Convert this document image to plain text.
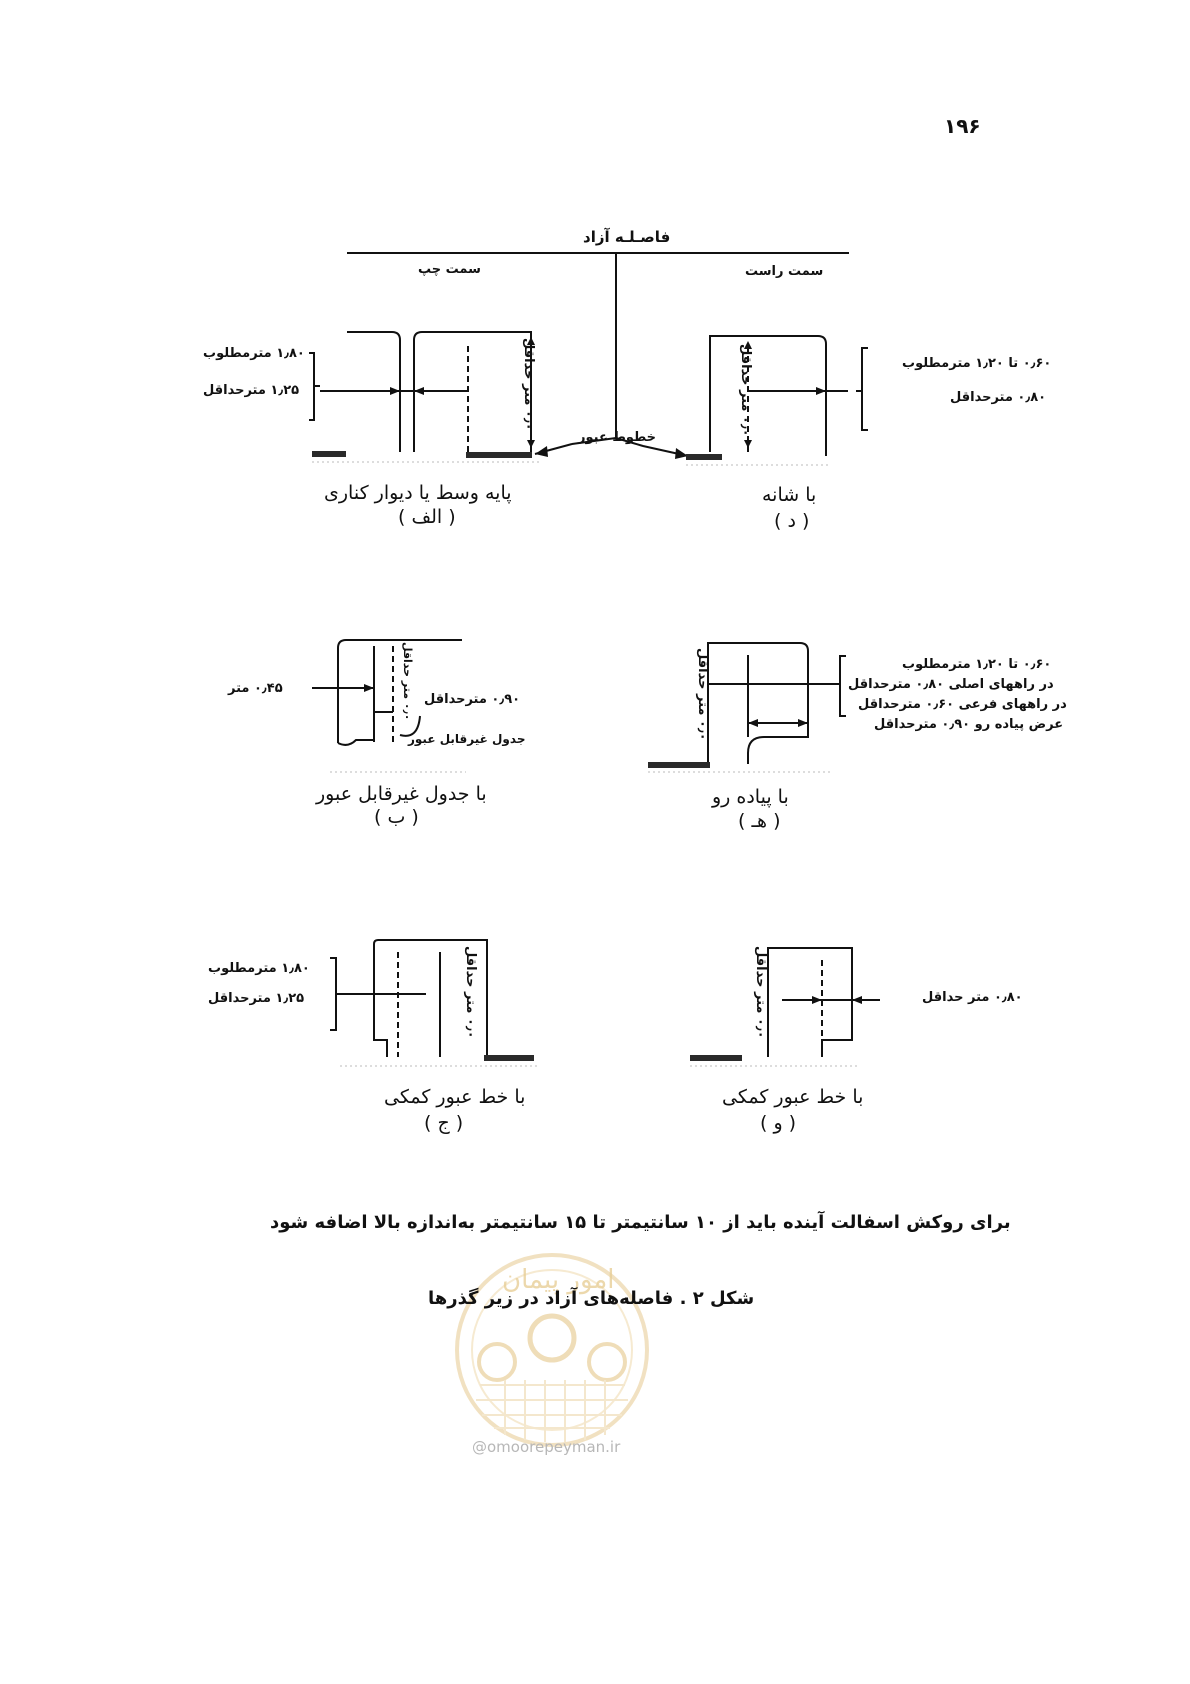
۱۹۶
امور پیمان
@omoorepeyman.ir
فاصـلـه آزاد
سمت چپ	سمت راست
خطوط عبور
۱٫۸۰ مترمطلوب
۱٫۲۵ مترحداقل	۰٫۰ متر حداقل
پایه وسط یا دیوار کناری
( الف )
۰٫۶۰ تا ۱٫۲۰ مترمطلوب
۰٫۸۰ مترحداقل
۰٫۰ متر حداقل
با شانه
( د )
۰٫۴۵ متر
۰٫۹۰ مترحداقل
جدول غیرقابل عبور
۰٫۰ متر حداقل
با جدول غیرقابل عبور
( ب )
۰٫۰ متر حداقل
۰٫۶۰ تا ۱٫۲۰ مترمطلوب
در راههای اصلی ۰٫۸۰ مترحداقل
در راههای فرعی ۰٫۶۰ مترحداقل
عرض پیاده رو ۰٫۹۰ مترحداقل
با پیاده رو
( هـ )
۱٫۸۰ مترمطلوب
۱٫۲۵ مترحداقل	۰٫۰ متر حداقل
با خط عبور کمکی
( ج )
۰٫۸۰ متر حداقل
۰٫۰ متر حداقل
با خط عبور کمکی
( و )
برای روکش اسفالت آینده باید از ۱۰ سانتیمتر تا ۱۵ سانتیمتر به‌اندازه بالا اضافه شود
شکل ۲ . فاصله‌های آزاد در زیر گذرها
